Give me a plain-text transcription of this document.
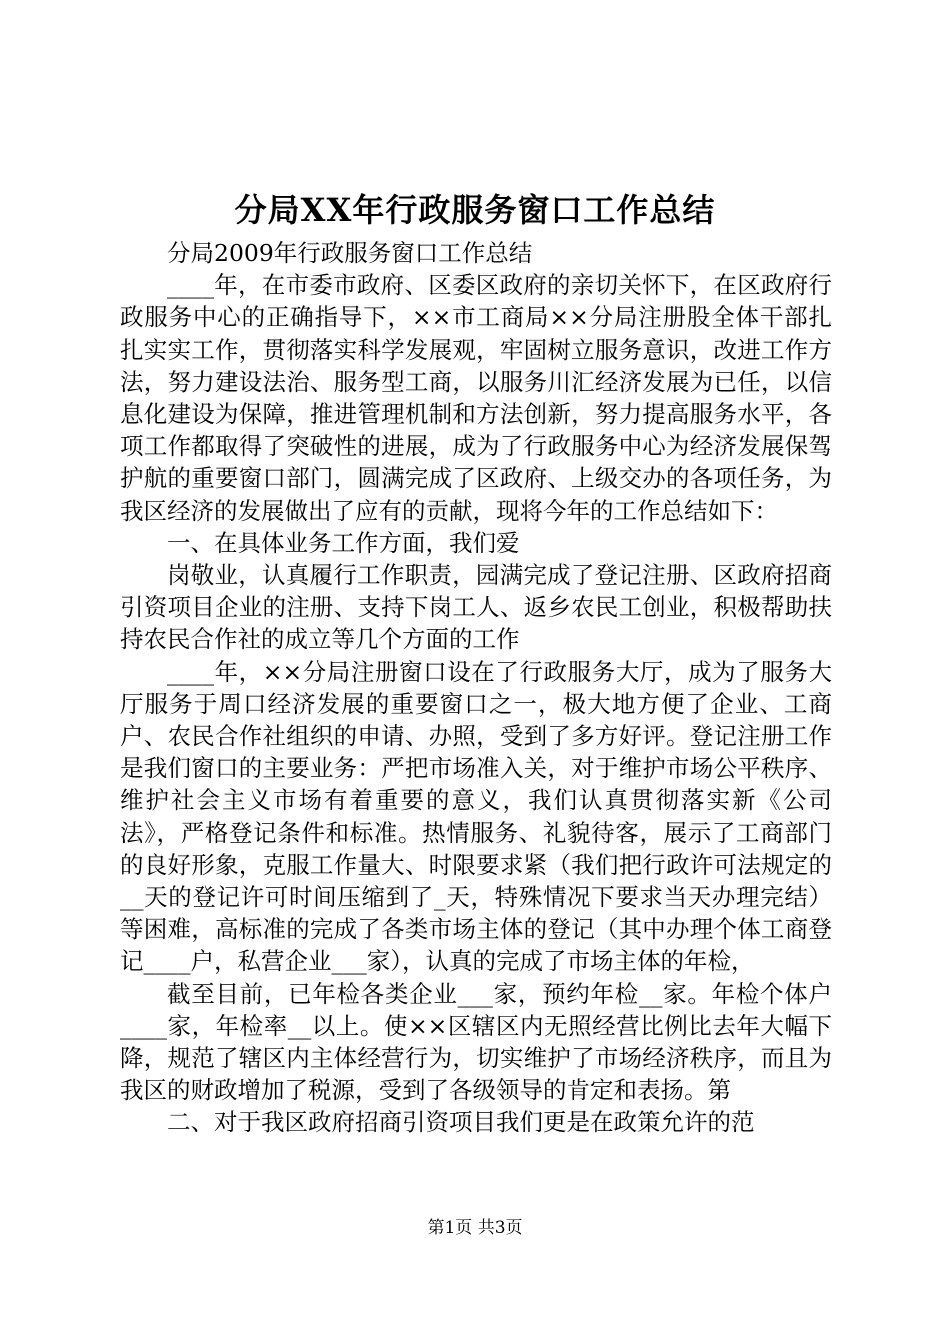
分局XX年行政服务窗口工作总结

分局2009年行政服务窗口工作总结

____年，在市委市政府、区委区政府的亲切关怀下，在区政府行政服务中心的正确指导下，××市工商局××分局注册股全体干部扎扎实实工作，贯彻落实科学发展观，牢固树立服务意识，改进工作方法，努力建设法治、服务型工商，以服务川汇经济发展为已任，以信息化建设为保障，推进管理机制和方法创新，努力提高服务水平，各项工作都取得了突破性的进展，成为了行政服务中心为经济发展保驾护航的重要窗口部门，圆满完成了区政府、上级交办的各项任务，为我区经济的发展做出了应有的贡献，现将今年的工作总结如下：

一、在具体业务工作方面，我们爱

岗敬业，认真履行工作职责，园满完成了登记注册、区政府招商引资项目企业的注册、支持下岗工人、返乡农民工创业，积极帮助扶持农民合作社的成立等几个方面的工作

____年，××分局注册窗口设在了行政服务大厅，成为了服务大厅服务于周口经济发展的重要窗口之一，极大地方便了企业、工商户、农民合作社组织的申请、办照，受到了多方好评。登记注册工作是我们窗口的主要业务：严把市场准入关，对于维护市场公平秩序、维护社会主义市场有着重要的意义，我们认真贯彻落实新《公司法》，严格登记条件和标准。热情服务、礼貌待客，展示了工商部门的良好形象，克服工作量大、时限要求紧（我们把行政许可法规定的__天的登记许可时间压缩到了_天，特殊情况下要求当天办理完结）等困难，高标准的完成了各类市场主体的登记（其中办理个体工商登记____户，私营企业___家），认真的完成了市场主体的年检，

截至目前，已年检各类企业___家，预约年检__家。年检个体户____家，年检率__以上。使××区辖区内无照经营比例比去年大幅下降，规范了辖区内主体经营行为，切实维护了市场经济秩序，而且为我区的财政增加了税源，受到了各级领导的肯定和表扬。第

二、对于我区政府招商引资项目我们更是在政策允许的范

第1页 共3页
